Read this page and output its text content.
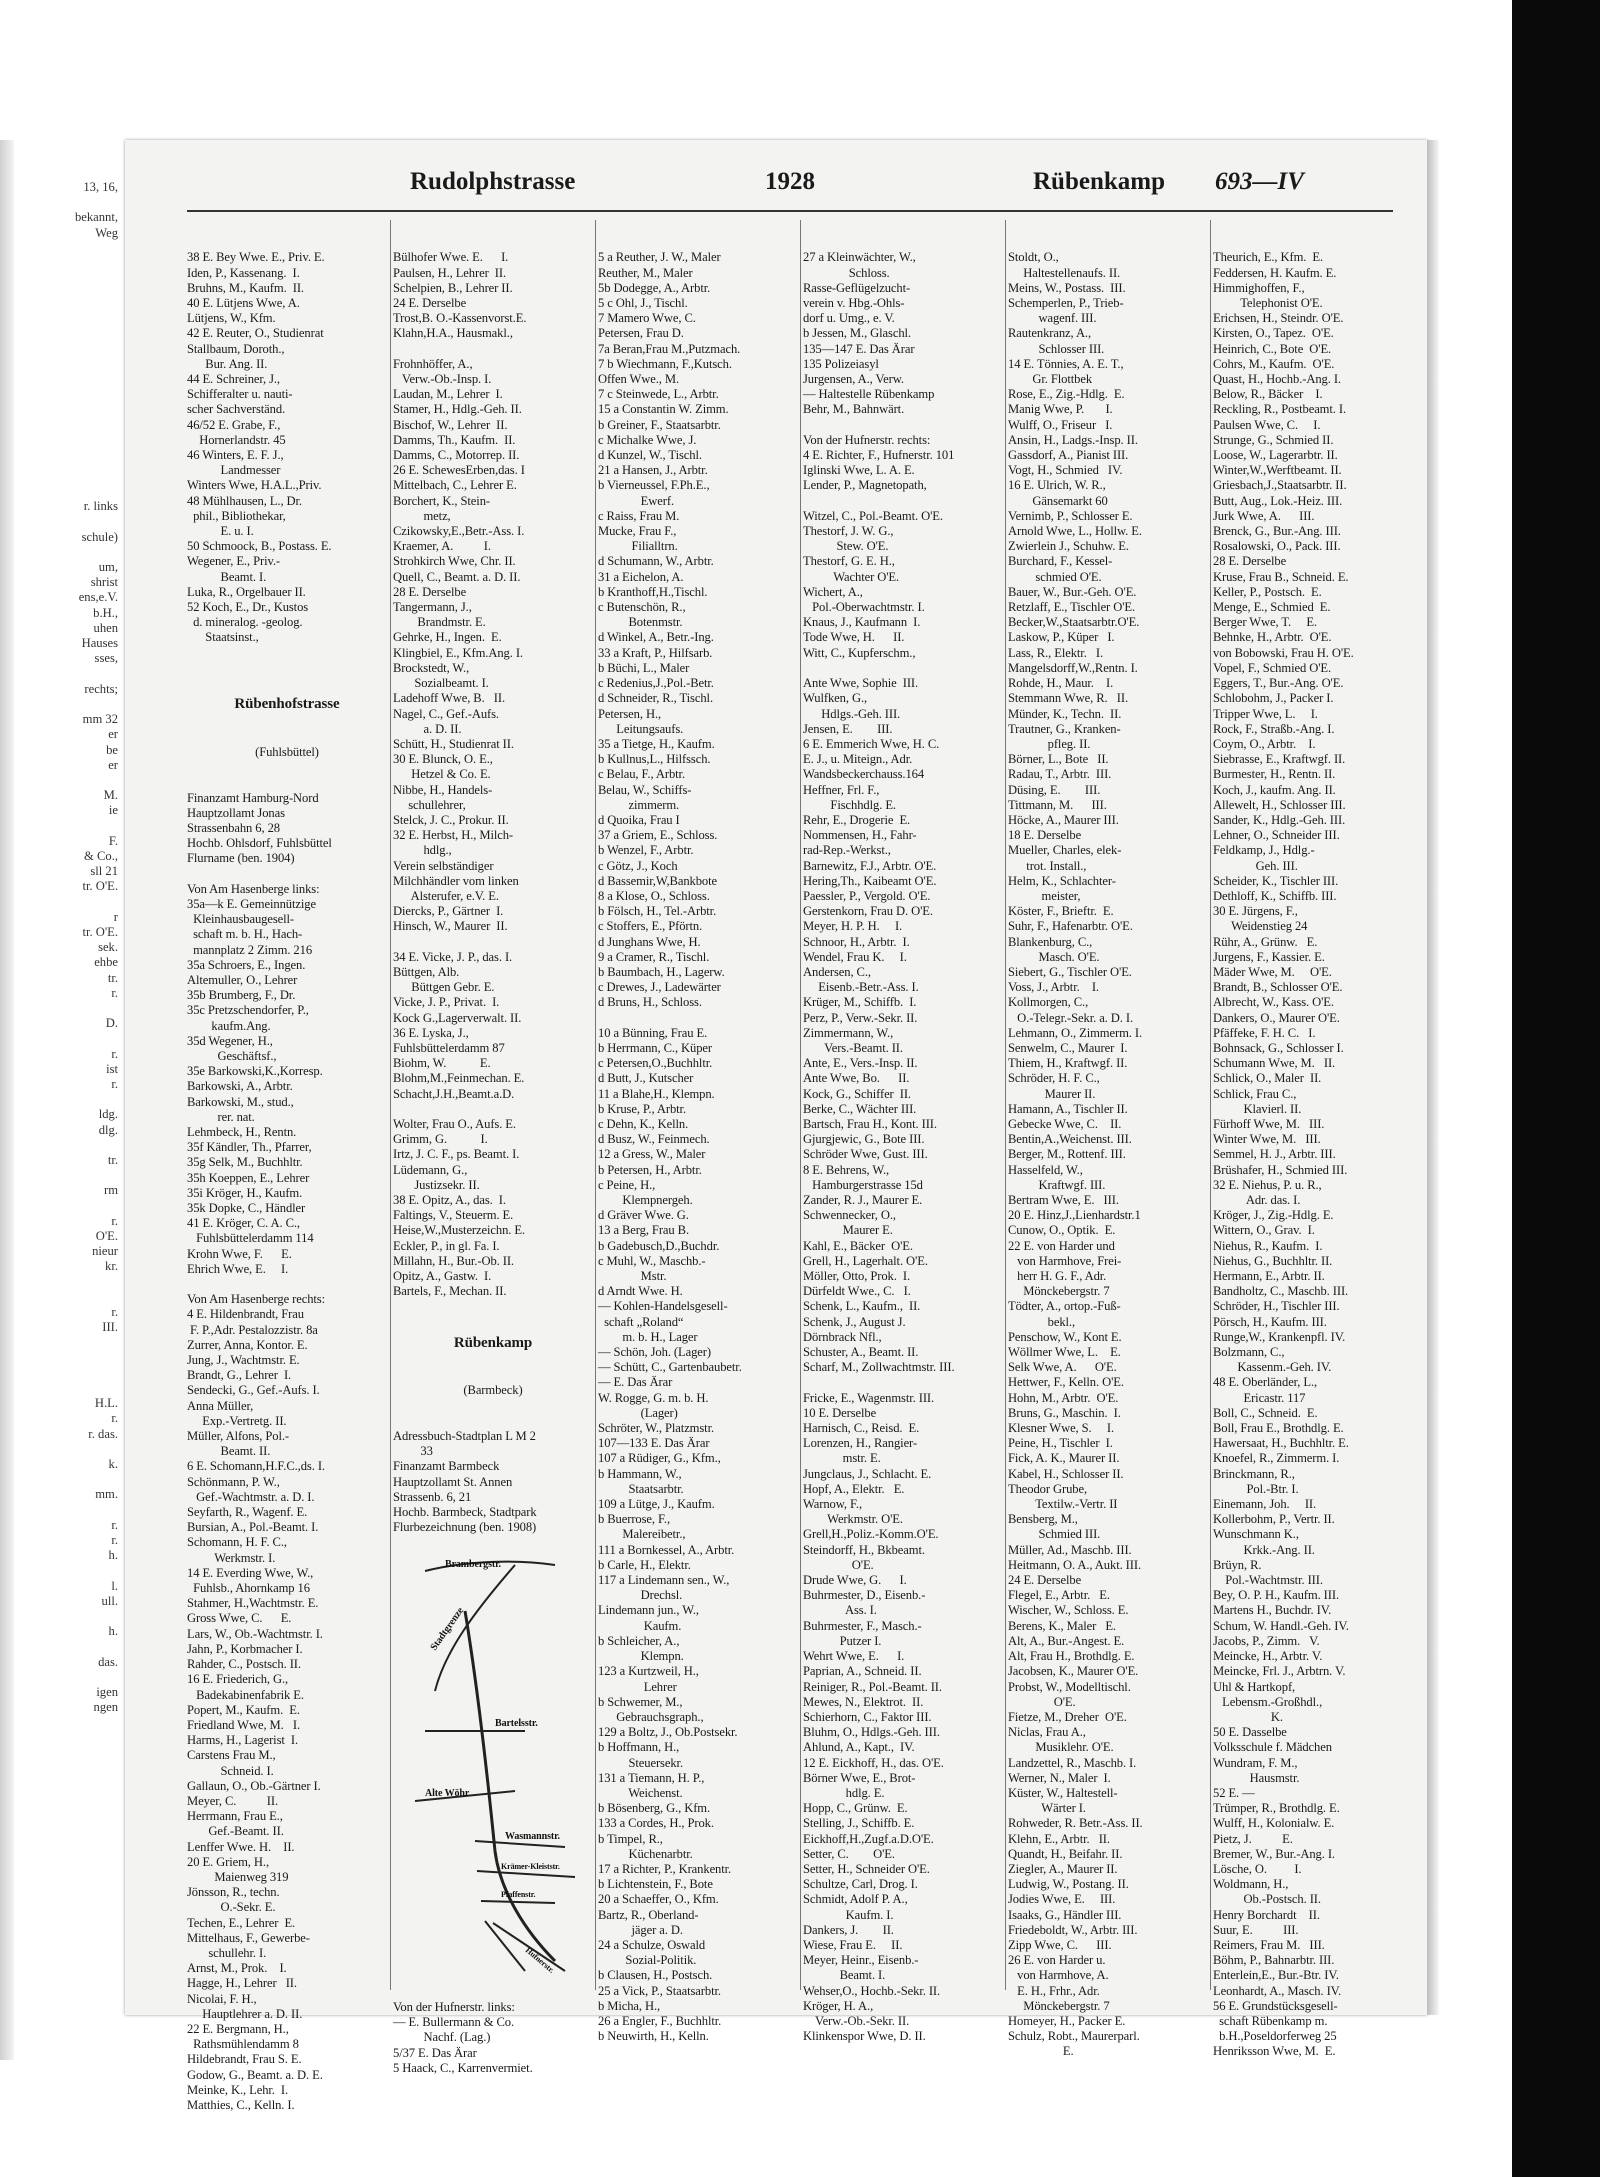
13, 16,

bekannt,
Weg

r. links

schule)

um,
shrist
ens,e.V.
b.H.,
uhen
Hauses
sses,

rechts;

mm 32
er
be
er

M.
ie

F.
& Co.,
sll 21
tr. O'E.

r
tr. O'E.
sek.
ehbe
tr.
r.

D.

r.
ist
r.

ldg.
dlg.

tr.

rm

r.
O'E.
nieur
kr.

r.
III.

H.L.
r.
r. das.

k.

mm.

r.
r.
h.

l.
ull.

h.

das.

igen
ngen
Rudolphstrasse	1928	Rübenkamp 693—IV

38 E. Bey Wwe. E., Priv. E.
Iden, P., Kassenang.  I.
Bruhns, M., Kaufm.  II.
40 E. Lütjens Wwe, A.
Lütjens, W., Kfm.
42 E. Reuter, O., Studienrat
Stallbaum, Doroth.,
Bur. Ang. II.
44 E. Schreiner, J.,
Schifferalter u. nauti-
scher Sachverständ.
46/52 E. Grabe, F.,
Hornerlandstr. 45
46 Winters, E. F. J.,
Landmesser
Winters Wwe, H.A.L.,Priv.
48 Mühlhausen, L., Dr.
phil., Bibliothekar,
E. u. I.
50 Schmoock, B., Postass. E.
Wegener, E., Priv.-
Beamt. I.
Luka, R., Orgelbauer II.
52 Koch, E., Dr., Kustos
d. mineralog. -geolog.
Staatsinst.,

Rübenhofstrasse

(Fuhlsbüttel)

Finanzamt Hamburg-Nord
Hauptzollamt Jonas
Strassenbahn 6, 28
Hochb. Ohlsdorf, Fuhlsbüttel
Flurname (ben. 1904)

Von Am Hasenberge links:
35a—k E. Gemeinnützige
Kleinhausbaugesell-
schaft m. b. H., Hach-
mannplatz 2 Zimm. 216
35a Schroers, E., Ingen.
Altemuller, O., Lehrer
35b Brumberg, F., Dr.
35c Pretzschendorfer, P.,
kaufm.Ang.
35d Wegener, H.,
Geschäftsf.,
35e Barkowski,K.,Korresp.
Barkowski, A., Arbtr.
Barkowski, M., stud.,
rer. nat.
Lehmbeck, H., Rentn.
35f Kändler, Th., Pfarrer,
35g Selk, M., Buchhltr.
35h Koeppen, E., Lehrer
35i Kröger, H., Kaufm.
35k Dopke, C., Händler
41 E. Kröger, C. A. C.,
Fuhlsbüttelerdamm 114
Krohn Wwe, F.      E.
Ehrich Wwe, E.     I.

Von Am Hasenberge rechts:
4 E. Hildenbrandt, Frau
F. P.,Adr. Pestalozzistr. 8a
Zurrer, Anna, Kontor. E.
Jung, J., Wachtmstr. E.
Brandt, G., Lehrer  I.
Sendecki, G., Gef.-Aufs. I.
Anna Müller,
Exp.-Vertretg. II.
Müller, Alfons, Pol.-
Beamt. II.
6 E. Schomann,H.F.C.,ds. I.
Schönmann, P. W.,
Gef.-Wachtmstr. a. D. I.
Seyfarth, R., Wagenf. E.
Bursian, A., Pol.-Beamt. I.
Schomann, H. F. C.,
Werkmstr. I.
14 E. Everding Wwe, W.,
Fuhlsb., Ahornkamp 16
Stahmer, H.,Wachtmstr. E.
Gross Wwe, C.      E.
Lars, W., Ob.-Wachtmstr. I.
Jahn, P., Korbmacher I.
Rahder, C., Postsch. II.
16 E. Friederich, G.,
Badekabinenfabrik E.
Popert, M., Kaufm.  E.
Friedland Wwe, M.   I.
Harms, H., Lagerist  I.
Carstens Frau M.,
Schneid. I.
Gallaun, O., Ob.-Gärtner I.
Meyer, C.          II.
Herrmann, Frau E.,
Gef.-Beamt. II.
Lenffer Wwe. H.    II.
20 E. Griem, H.,
Maienweg 319
Jönsson, R., techn.
O.-Sekr. E.
Techen, E., Lehrer  E.
Mittelhaus, F., Gewerbe-
schullehr. I.
Arnst, M., Prok.    I.
Hagge, H., Lehrer   II.
Nicolai, F. H.,
Hauptlehrer a. D. II.
22 E. Bergmann, H.,
Rathsmühlendamm 8
Hildebrandt, Frau S. E.
Godow, G., Beamt. a. D. E.
Meinke, K., Lehr.  I.
Matthies, C., Kelln. I.

Bülhofer Wwe. E.      I.
Paulsen, H., Lehrer  II.
Schelpien, B., Lehrer II.
24 E. Derselbe
Trost,B. O.-Kassenvorst.E.
Klahn,H.A., Hausmakl.,

Frohnhöffer, A.,
Verw.-Ob.-Insp. I.
Laudan, M., Lehrer  I.
Stamer, H., Hdlg.-Geh. II.
Bischof, W., Lehrer  II.
Damms, Th., Kaufm.  II.
Damms, C., Motorrep. II.
26 E. SchewesErben,das. I
Mittelbach, C., Lehrer E.
Borchert, K., Stein-
metz,
Czikowsky,E.,Betr.-Ass. I.
Kraemer, A.          I.
Strohkirch Wwe, Chr. II.
Quell, C., Beamt. a. D. II.
28 E. Derselbe
Tangermann, J.,
Brandmstr. E.
Gehrke, H., Ingen.  E.
Klingbiel, E., Kfm.Ang. I.
Brockstedt, W.,
Sozialbeamt. I.
Ladehoff Wwe, B.   II.
Nagel, C., Gef.-Aufs.
a. D. II.
Schütt, H., Studienrat II.
30 E. Blunck, O. E.,
Hetzel & Co. E.
Nibbe, H., Handels-
schullehrer,
Stelck, J. C., Prokur. II.
32 E. Herbst, H., Milch-
hdlg.,
Verein selbständiger
Milchhändler vom linken
Alsterufer, e.V. E.
Diercks, P., Gärtner  I.
Hinsch, W., Maurer  II.

34 E. Vicke, J. P., das. I.
Büttgen, Alb.
Büttgen Gebr. E.
Vicke, J. P., Privat.  I.
Kock G.,Lagerverwalt. II.
36 E. Lyska, J.,
Fuhlsbüttelerdamm 87
Biohm, W.           E.
Blohm,M.,Feinmechan. E.
Schacht,J.H.,Beamt.a.D.

Wolter, Frau O., Aufs. E.
Grimm, G.           I.
Irtz, J. C. F., ps. Beamt. I.
Lüdemann, G.,
Justizsekr. II.
38 E. Opitz, A., das.  I.
Faltings, V., Steuerm. E.
Heise,W.,Musterzeichn. E.
Eckler, P., in gl. Fa. I.
Millahn, H., Bur.-Ob. II.
Opitz, A., Gastw.  I.
Bartels, F., Mechan. II.

Rübenkamp

(Barmbeck)

Adressbuch-Stadtplan L M 2
33
Finanzamt Barmbeck
Hauptzollamt St. Annen
Strassenb. 6, 21
Hochb. Barmbeck, Stadtpark
Flurbezeichnung (ben. 1908)

Brambergstr.
Stadtgrenze
Bartelsstr.
Alte Wöhr
Wasmannstr.
Krämer-Kleiststr.
Pfaffenstr.
Hufnerstr.

Von der Hufnerstr. links:
— E. Bullermann & Co.
Nachf. (Lag.)
5/37 E. Das Ärar
5 Haack, C., Karrenvermiet.

5 a Reuther, J. W., Maler
Reuther, M., Maler
5b Dodegge, A., Arbtr.
5 c Ohl, J., Tischl.
7 Mamero Wwe, C.
Petersen, Frau D.
7a Beran,Frau M.,Putzmach.
7 b Wiechmann, F.,Kutsch.
Offen Wwe., M.
7 c Steinwede, L., Arbtr.
15 a Constantin W. Zimm.
b Greiner, F., Staatsarbtr.
c Michalke Wwe, J.
d Kunzel, W., Tischl.
21 a Hansen, J., Arbtr.
b Vierneussel, F.Ph.E.,
Ewerf.
c Raiss, Frau M.
Mucke, Frau F.,
Filialltrn.
d Schumann, W., Arbtr.
31 a Eichelon, A.
b Kranthoff,H.,Tischl.
c Butenschön, R.,
Botenmstr.
d Winkel, A., Betr.-Ing.
33 a Kraft, P., Hilfsarb.
b Büchi, L., Maler
c Redenius,J.,Pol.-Betr.
d Schneider, R., Tischl.
Petersen, H.,
Leitungsaufs.
35 a Tietge, H., Kaufm.
b Kullnus,L., Hilfssch.
c Belau, F., Arbtr.
Belau, W., Schiffs-
zimmerm.
d Quoika, Frau I
37 a Griem, E., Schloss.
b Wenzel, F., Arbtr.
c Götz, J., Koch
d Bassemir,W,Bankbote
8 a Klose, O., Schloss.
b Fölsch, H., Tel.-Arbtr.
c Stoffers, E., Pförtn.
d Junghans Wwe, H.
9 a Cramer, R., Tischl.
b Baumbach, H., Lagerw.
c Drewes, J., Ladewärter
d Bruns, H., Schloss.

10 a Bünning, Frau E.
b Herrmann, C., Küper
c Petersen,O.,Buchhltr.
d Butt, J., Kutscher
11 a Blahe,H., Klempn.
b Kruse, P., Arbtr.
c Dehn, K., Kelln.
d Busz, W., Feinmech.
12 a Gress, W., Maler
b Petersen, H., Arbtr.
c Peine, H.,
Klempnergeh.
d Gräver Wwe. G.
13 a Berg, Frau B.
b Gadebusch,D.,Buchdr.
c Muhl, W., Maschb.-
Mstr.
d Arndt Wwe. H.
— Kohlen-Handelsgesell-
schaft „Roland“
m. b. H., Lager
— Schön, Joh. (Lager)
— Schütt, C., Gartenbaubetr.
— E. Das Ärar
W. Rogge, G. m. b. H.
(Lager)
Schröter, W., Platzmstr.
107—133 E. Das Ärar
107 a Rüdiger, G., Kfm.,
b Hammann, W.,
Staatsarbtr.
109 a Lütge, J., Kaufm.
b Buerrose, F.,
Malereibetr.,
111 a Bornkessel, A., Arbtr.
b Carle, H., Elektr.
117 a Lindemann sen., W.,
Drechsl.
Lindemann jun., W.,
Kaufm.
b Schleicher, A.,
Klempn.
123 a Kurtzweil, H.,
Lehrer
b Schwemer, M.,
Gebrauchsgraph.,
129 a Boltz, J., Ob.Postsekr.
b Hoffmann, H.,
Steuersekr.
131 a Tiemann, H. P.,
Weichenst.
b Bösenberg, G., Kfm.
133 a Cordes, H., Prok.
b Timpel, R.,
Küchenarbtr.
17 a Richter, P., Krankentr.
b Lichtenstein, F., Bote
20 a Schaeffer, O., Kfm.
Bartz, R., Oberland-
jäger a. D.
24 a Schulze, Oswald
Sozial-Politik.
b Clausen, H., Postsch.
25 a Vick, P., Staatsarbtr.
b Micha, H.,
26 a Engler, F., Buchhltr.
b Neuwirth, H., Kelln.

27 a Kleinwächter, W.,
Schloss.
Rasse-Geflügelzucht-
verein v. Hbg.-Ohls-
dorf u. Umg., e. V.
b Jessen, M., Glaschl.
135—147 E. Das Ärar
135 Polizeiasyl
Jurgensen, A., Verw.
— Haltestelle Rübenkamp
Behr, M., Bahnwärt.

Von der Hufnerstr. rechts:
4 E. Richter, F., Hufnerstr. 101
Iglinski Wwe, L. A. E.
Lender, P., Magnetopath,

Witzel, C., Pol.-Beamt. O'E.
Thestorf, J. W. G.,
Stew. O'E.
Thestorf, G. E. H.,
Wachter O'E.
Wichert, A.,
Pol.-Oberwachtmstr. I.
Knaus, J., Kaufmann  I.
Tode Wwe, H.      II.
Witt, C., Kupferschm.,

Ante Wwe, Sophie  III.
Wulfken, G.,
Hdlgs.-Geh. III.
Jensen, E.        III.
6 E. Emmerich Wwe, H. C.
E. J., u. Miteign., Adr.
Wandsbeckerchauss.164
Heffner, Frl. F.,
Fischhdlg. E.
Rehr, E., Drogerie  E.
Nommensen, H., Fahr-
rad-Rep.-Werkst.,
Barnewitz, F.J., Arbtr. O'E.
Hering,Th., Kaibeamt O'E.
Paessler, P., Vergold. O'E.
Gerstenkorn, Frau D. O'E.
Meyer, H. P. H.     I.
Schnoor, H., Arbtr.  I.
Wendel, Frau K.     I.
Andersen, C.,
Eisenb.-Betr.-Ass. I.
Krüger, M., Schiffb.  I.
Perz, P., Verw.-Sekr. II.
Zimmermann, W.,
Vers.-Beamt. II.
Ante, E., Vers.-Insp. II.
Ante Wwe, Bo.      II.
Kock, G., Schiffer  II.
Berke, C., Wächter III.
Bartsch, Frau H., Kont. III.
Gjurgjewic, G., Bote III.
Schröder Wwe, Gust. III.
8 E. Behrens, W.,
Hamburgerstrasse 15d
Zander, R. J., Maurer E.
Schwennecker, O.,
Maurer E.
Kahl, E., Bäcker  O'E.
Grell, H., Lagerhalt. O'E.
Möller, Otto, Prok.  I.
Dürfeldt Wwe., C.   I.
Schenk, L., Kaufm.,  II.
Schenk, J., August J.
Dörnbrack Nfl.,
Schuster, A., Beamt. II.
Scharf, M., Zollwachtmstr. III.

Fricke, E., Wagenmstr. III.
10 E. Derselbe
Harnisch, C., Reisd.  E.
Lorenzen, H., Rangier-
mstr. E.
Jungclaus, J., Schlacht. E.
Hopf, A., Elektr.   E.
Warnow, F.,
Werkmstr. O'E.
Grell,H.,Poliz.-Komm.O'E.
Steindorff, H., Bkbeamt.
O'E.
Drude Wwe, G.      I.
Buhrmester, D., Eisenb.-
Ass. I.
Buhrmester, F., Masch.-
Putzer I.
Wehrt Wwe, E.      I.
Paprian, A., Schneid. II.
Reiniger, R., Pol.-Beamt. II.
Mewes, N., Elektrot.  II.
Schierhorn, C., Faktor III.
Bluhm, O., Hdlgs.-Geh. III.
Ahlund, A., Kapt.,  IV.
12 E. Eickhoff, H., das. O'E.
Börner Wwe, E., Brot-
hdlg. E.
Hopp, C., Grünw.  E.
Stelling, J., Schiffb. E.
Eickhoff,H.,Zugf.a.D.O'E.
Setter, C.        O'E.
Setter, H., Schneider O'E.
Schultze, Carl, Drog. I.
Schmidt, Adolf P. A.,
Kaufm. I.
Dankers, J.        II.
Wiese, Frau E.     II.
Meyer, Heinr., Eisenb.-
Beamt. I.
Wehser,O., Hochb.-Sekr. II.
Kröger, H. A.,
Verw.-Ob.-Sekr. II.
Klinkenspor Wwe, D. II.

Stoldt, O.,
Haltestellenaufs. II.
Meins, W., Postass.  III.
Schemperlen, P., Trieb-
wagenf. III.
Rautenkranz, A.,
Schlosser III.
14 E. Tönnies, A. E. T.,
Gr. Flottbek
Rose, E., Zig.-Hdlg.  E.
Manig Wwe, P.       I.
Wulff, O., Friseur   I.
Ansin, H., Ladgs.-Insp. II.
Gassdorf, A., Pianist III.
Vogt, H., Schmied   IV.
16 E. Ulrich, W. R.,
Gänsemarkt 60
Vernimb, P., Schlosser E.
Arnold Wwe, L., Hollw. E.
Zwierlein J., Schuhw. E.
Burchard, F., Kessel-
schmied O'E.
Bauer, W., Bur.-Geh. O'E.
Retzlaff, E., Tischler O'E.
Becker,W.,Staatsarbtr.O'E.
Laskow, P., Küper   I.
Lass, R., Elektr.   I.
Mangelsdorff,W.,Rentn. I.
Rohde, H., Maur.    I.
Stemmann Wwe, R.   II.
Münder, K., Techn.  II.
Trautner, G., Kranken-
pfleg. II.
Börner, L., Bote   II.
Radau, T., Arbtr.  III.
Düsing, E.        III.
Tittmann, M.      III.
Höcke, A., Maurer III.
18 E. Derselbe
Mueller, Charles, elek-
trot. Install.,
Helm, K., Schlachter-
meister,
Köster, F., Brieftr.  E.
Suhr, F., Hafenarbtr. O'E.
Blankenburg, C.,
Masch. O'E.
Siebert, G., Tischler O'E.
Voss, J., Arbtr.    I.
Kollmorgen, C.,
O.-Telegr.-Sekr. a. D. I.
Lehmann, O., Zimmerm. I.
Senwelm, C., Maurer  I.
Thiem, H., Kraftwgf. II.
Schröder, H. F. C.,
Maurer II.
Hamann, A., Tischler II.
Gebecke Wwe, C.    II.
Bentin,A.,Weichenst. III.
Berger, M., Rottenf. III.
Hasselfeld, W.,
Kraftwgf. III.
Bertram Wwe, E.   III.
20 E. Hinz,J.,Lienhardstr.1
Cunow, O., Optik.  E.
22 E. von Harder und
von Harmhove, Frei-
herr H. G. F., Adr.
Mönckebergstr. 7
Tödter, A., ortop.-Fuß-
bekl.,
Penschow, W., Kont E.
Wöllmer Wwe, L.    E.
Selk Wwe, A.      O'E.
Hettwer, F., Kelln. O'E.
Hohn, M., Arbtr.  O'E.
Bruns, G., Maschin.  I.
Klesner Wwe, S.     I.
Peine, H., Tischler  I.
Fick, A. K., Maurer II.
Kabel, H., Schlosser II.
Theodor Grube,
Textilw.-Vertr. II
Bensberg, M.,
Schmied III.
Müller, Ad., Maschb. III.
Heitmann, O. A., Aukt. III.
24 E. Derselbe
Flegel, E., Arbtr.   E.
Wischer, W., Schloss. E.
Berens, K., Maler   E.
Alt, A., Bur.-Angest. E.
Alt, Frau H., Brothdlg. E.
Jacobsen, K., Maurer O'E.
Probst, W., Modelltischl.
O'E.
Fietze, M., Dreher  O'E.
Niclas, Frau A.,
Musiklehr. O'E.
Landzettel, R., Maschb. I.
Werner, N., Maler  I.
Küster, W., Haltestell-
Wärter I.
Rohweder, R. Betr.-Ass. II.
Klehn, E., Arbtr.   II.
Quandt, H., Beifahr. II.
Ziegler, A., Maurer II.
Ludwig, W., Postang. II.
Jodies Wwe, E.     III.
Isaaks, G., Händler III.
Friedeboldt, W., Arbtr. III.
Zipp Wwe, C.      III.
26 E. von Harder u.
von Harmhove, A.
E. H., Frhr., Adr.
Mönckebergstr. 7
Homeyer, H., Packer E.
Schulz, Robt., Maurerparl.
E.

Theurich, E., Kfm.  E.
Feddersen, H. Kaufm. E.
Himmighoffen, F.,
Telephonist O'E.
Erichsen, H., Steindr. O'E.
Kirsten, O., Tapez.  O'E.
Heinrich, C., Bote  O'E.
Cohrs, M., Kaufm.  O'E.
Quast, H., Hochb.-Ang. I.
Below, R., Bäcker    I.
Reckling, R., Postbeamt. I.
Paulsen Wwe, C.     I.
Strunge, G., Schmied II.
Loose, W., Lagerarbtr. II.
Winter,W.,Werftbeamt. II.
Griesbach,J.,Staatsarbtr. II.
Butt, Aug., Lok.-Heiz. III.
Jurk Wwe, A.      III.
Brenck, G., Bur.-Ang. III.
Rosalowski, O., Pack. III.
28 E. Derselbe
Kruse, Frau B., Schneid. E.
Keller, P., Postsch.  E.
Menge, E., Schmied  E.
Berger Wwe, T.     E.
Behnke, H., Arbtr.  O'E.
von Bobowski, Frau H. O'E.
Vopel, F., Schmied O'E.
Eggers, T., Bur.-Ang. O'E.
Schlobohm, J., Packer I.
Tripper Wwe, L.     I.
Rock, F., Straßb.-Ang. I.
Coym, O., Arbtr.    I.
Siebrasse, E., Kraftwgf. II.
Burmester, H., Rentn. II.
Koch, J., kaufm. Ang. II.
Allewelt, H., Schlosser III.
Sander, K., Hdlg.-Geh. III.
Lehner, O., Schneider III.
Feldkamp, J., Hdlg.-
Geh. III.
Scheider, K., Tischler III.
Dethloff, K., Schiffb. III.
30 E. Jürgens, F.,
Weidenstieg 24
Rühr, A., Grünw.   E.
Jurgens, F., Kassier. E.
Mäder Wwe, M.     O'E.
Brandt, B., Schlosser O'E.
Albrecht, W., Kass. O'E.
Dankers, O., Maurer O'E.
Pfäffeke, F. H. C.   I.
Bohnsack, G., Schlosser I.
Schumann Wwe, M.   II.
Schlick, O., Maler  II.
Schlick, Frau C.,
Klavierl. II.
Fürhoff Wwe, M.   III.
Winter Wwe, M.   III.
Semmel, H. J., Arbtr. III.
Brüshafer, H., Schmied III.
32 E. Niehus, P. u. R.,
Adr. das. I.
Kröger, J., Zig.-Hdlg. E.
Wittern, O., Grav.  I.
Niehus, R., Kaufm.  I.
Niehus, G., Buchhltr. II.
Hermann, E., Arbtr. II.
Bandholtz, C., Maschb. III.
Schröder, H., Tischler III.
Pörsch, H., Kaufm. III.
Runge,W., Krankenpfl. IV.
Bolzmann, C.,
Kassenm.-Geh. IV.
48 E. Oberländer, L.,
Ericastr. 117
Boll, C., Schneid.  E.
Boll, Frau E., Brothdlg. E.
Hawersaat, H., Buchhltr. E.
Knoefel, R., Zimmerm. I.
Brinckmann, R.,
Pol.-Btr. I.
Einemann, Joh.     II.
Kollerbohm, P., Vertr. II.
Wunschmann K.,
Krkk.-Ang. II.
Brüyn, R.
Pol.-Wachtmstr. III.
Bey, O. P. H., Kaufm. III.
Martens H., Buchdr. IV.
Schum, W. Handl.-Geh. IV.
Jacobs, P., Zimm.   V.
Meincke, H., Arbtr. V.
Meincke, Frl. J., Arbtrn. V.
Uhl & Hartkopf,
Lebensm.-Großhdl.,
K.
50 E. Dasselbe
Volksschule f. Mädchen
Wundram, F. M.,
Hausmstr.
52 E. —
Trümper, R., Brothdlg. E.
Wulff, H., Kolonialw. E.
Pietz, J.          E.
Bremer, W., Bur.-Ang. I.
Lösche, O.         I.
Woldmann, H.,
Ob.-Postsch. II.
Henry Borchardt    II.
Suur, E.          III.
Reimers, Frau M.   III.
Böhm, P., Bahnarbtr. III.
Enterlein,E., Bur.-Btr. IV.
Leonhardt, A., Masch. IV.
56 E. Grundstücksgesell-
schaft Rübenkamp m.
b.H.,Poseldorferweg 25
Henriksson Wwe, M.  E.
